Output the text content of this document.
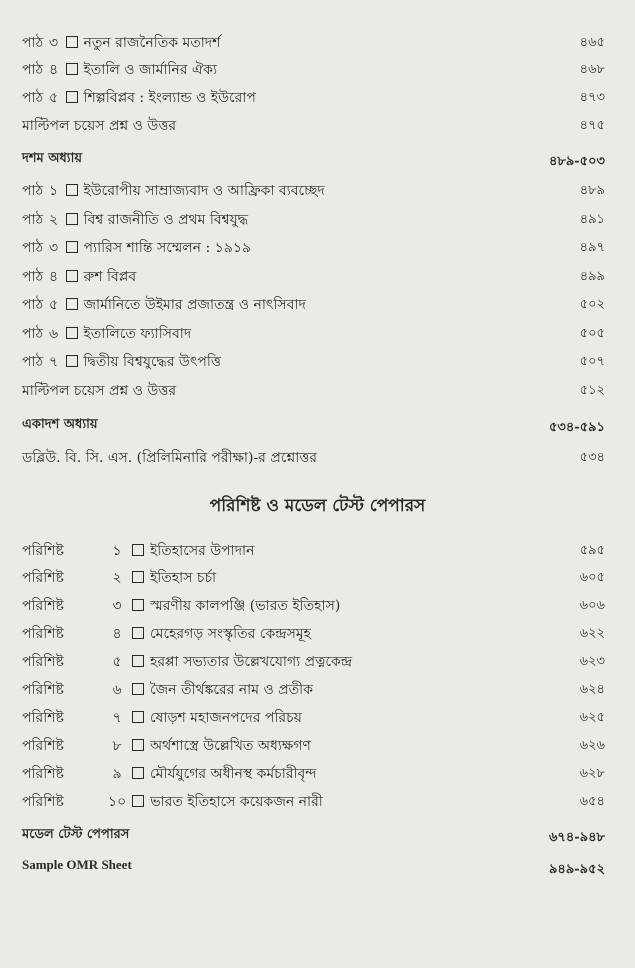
পাঠ ৩ নতুন রাজনৈতিক মতাদর্শ	৪৬৫
পাঠ ৪ ইতালি ও জার্মানির ঐক্য	৪৬৮
পাঠ ৫ শিল্পবিপ্লব : ইংল্যান্ড ও ইউরোপ	৪৭৩
মাল্টিপল চয়েস প্রশ্ন ও উত্তর	৪৭৫
দশম অধ্যায়	৪৮৯-৫০৩
পাঠ ১ ইউরোপীয় সাম্রাজ্যবাদ ও আফ্রিকা ব্যবচ্ছেদ	৪৮৯
পাঠ ২ বিশ্ব রাজনীতি ও প্রথম বিশ্বযুদ্ধ	৪৯১
পাঠ ৩ প্যারিস শান্তি সম্মেলন : ১৯১৯	৪৯৭
পাঠ ৪ রুশ বিপ্লব	৪৯৯
পাঠ ৫ জার্মানিতে উইমার প্রজাতন্ত্র ও নাৎসিবাদ	৫০২
পাঠ ৬ ইতালিতে ফ্যাসিবাদ	৫০৫
পাঠ ৭ দ্বিতীয় বিশ্বযুদ্ধের উৎপত্তি	৫০৭
মাল্টিপল চয়েস প্রশ্ন ও উত্তর	৫১২
একাদশ অধ্যায়	৫৩৪-৫৯১
ডব্লিউ. বি. সি. এস. (প্রিলিমিনারি পরীক্ষা)-র প্রশ্নোত্তর	৫৩৪
পরিশিষ্ট ও মডেল টেস্ট পেপারস
পরিশিষ্ট	১ ইতিহাসের উপাদান	৫৯৫
পরিশিষ্ট	২ ইতিহাস চর্চা	৬০৫
পরিশিষ্ট	৩ স্মরণীয় কালপঞ্জি (ভারত ইতিহাস)	৬০৬
পরিশিষ্ট	৪ মেহেরগড় সংস্কৃতির কেন্দ্রসমূহ	৬২২
পরিশিষ্ট	৫ হরপ্পা সভ্যতার উল্লেখযোগ্য প্রত্নকেন্দ্র	৬২৩
পরিশিষ্ট	৬ জৈন তীর্থঙ্করের নাম ও প্রতীক	৬২৪
পরিশিষ্ট	৭ ষোড়শ মহাজনপদের পরিচয়	৬২৫
পরিশিষ্ট	৮ অর্থশাস্ত্রে উল্লেখিত অধ্যক্ষগণ	৬২৬
পরিশিষ্ট	৯ মৌর্যযুগের অধীনস্থ কর্মচারীবৃন্দ	৬২৮
পরিশিষ্ট	১০ ভারত ইতিহাসে কয়েকজন নারী	৬৫৪
মডেল টেস্ট পেপারস	৬৭৪-৯৪৮
Sample OMR Sheet	৯৪৯-৯৫২
